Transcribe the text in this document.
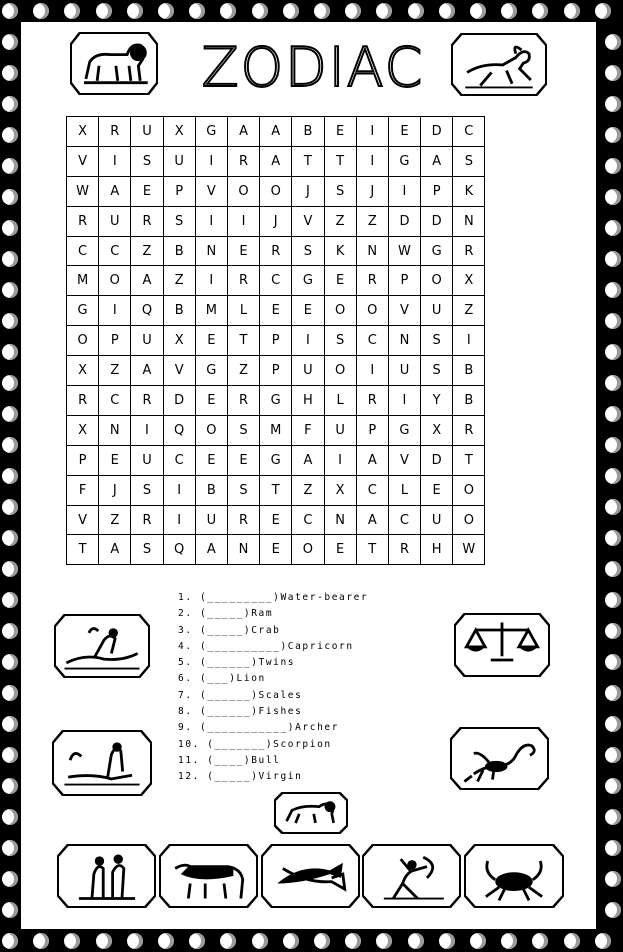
ZODIAC
X	R	U	X	G	A	A	B	E	I	E	D	C
V	I	S	U	I	R	A	T	T	I	G	A	S
W	A	E	P	V	O	O	J	S	J	I	P	K
R	U	R	S	I	I	J	V	Z	Z	D	D	N
C	C	Z	B	N	E	R	S	K	N	W	G	R
M	O	A	Z	I	R	C	G	E	R	P	O	X
G	I	Q	B	M	L	E	E	O	O	V	U	Z
O	P	U	X	E	T	P	I	S	C	N	S	I
X	Z	A	V	G	Z	P	U	O	I	U	S	B
R	C	R	D	E	R	G	H	L	R	I	Y	B
X	N	I	Q	O	S	M	F	U	P	G	X	R
P	E	U	C	E	E	G	A	I	A	V	D	T
F	J	S	I	B	S	T	Z	X	C	L	E	O
V	Z	R	I	U	R	E	C	N	A	C	U	O
T	A	S	Q	A	N	E	O	E	T	R	H	W
1. (_________)Water-bearer
2. (_____)Ram
3. (_____)Crab
4. (__________)Capricorn
5. (______)Twins
6. (___)Lion
7. (______)Scales
8. (______)Fishes
9. (___________)Archer
10. (_______)Scorpion
11. (____)Bull
12. (_____)Virgin
